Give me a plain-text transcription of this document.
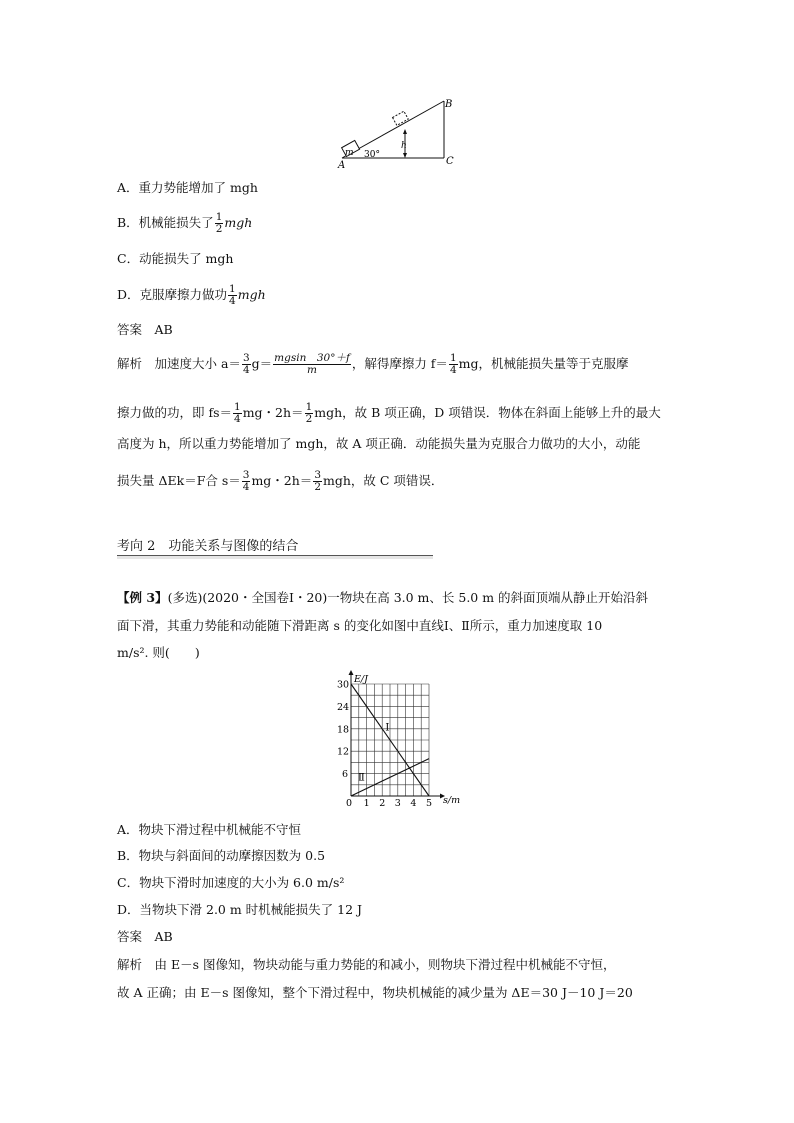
m
h
30°
A
B
C
A．重力势能增加了 mgh
B．机械能损失了 $\frac{1}{2}$ mgh
C．动能损失了 mgh
D．克服摩擦力做功 $\frac{1}{4}$ mgh
答案　AB
解析　加速度大小 $a= \frac{3}{4} g= \frac{mgsin 30^\circ+f}{m}$ ，解得摩擦力 $f= \frac{1}{4}$ mg，机械能损失量等于克服摩
擦力做的功，即 $fs= \frac{1}{4}$ mg・$2h= \frac{1}{2}$ mgh，故 B 项正确，D 项错误．物体在斜面上能够上升的最大
高度为 h，所以重力势能增加了 mgh，故 A 项正确．动能损失量为克服合力做功的大小，动能
损失量 ΔEk＝F合 $s= \frac{3}{4}$ mg・$2h= \frac{3}{2}$ mgh，故 C 项错误．
考向 2　功能关系与图像的结合
【例 3】(多选)(2020・全国卷Ⅰ・20)一物块在高 3.0 m、长 5.0 m 的斜面顶端从静止开始沿斜
面下滑，其重力势能和动能随下滑距离 s 的变化如图中直线Ⅰ、Ⅱ所示，重力加速度取 10
m/s². 则(　　)
0 1 2 3 4 5
6
12
18
24
30 E/J
s/m
Ⅰ
Ⅱ
A．物块下滑过程中机械能不守恒
B．物块与斜面间的动摩擦因数为 0.5
C．物块下滑时加速度的大小为 6.0 m/s²
D．当物块下滑 2.0 m 时机械能损失了 12 J
答案　AB
解析　由 E－s 图像知，物块动能与重力势能的和减小，则物块下滑过程中机械能不守恒，
故 A 正确；由 E－s 图像知，整个下滑过程中，物块机械能的减少量为 ΔE＝30 J－10 J＝20
